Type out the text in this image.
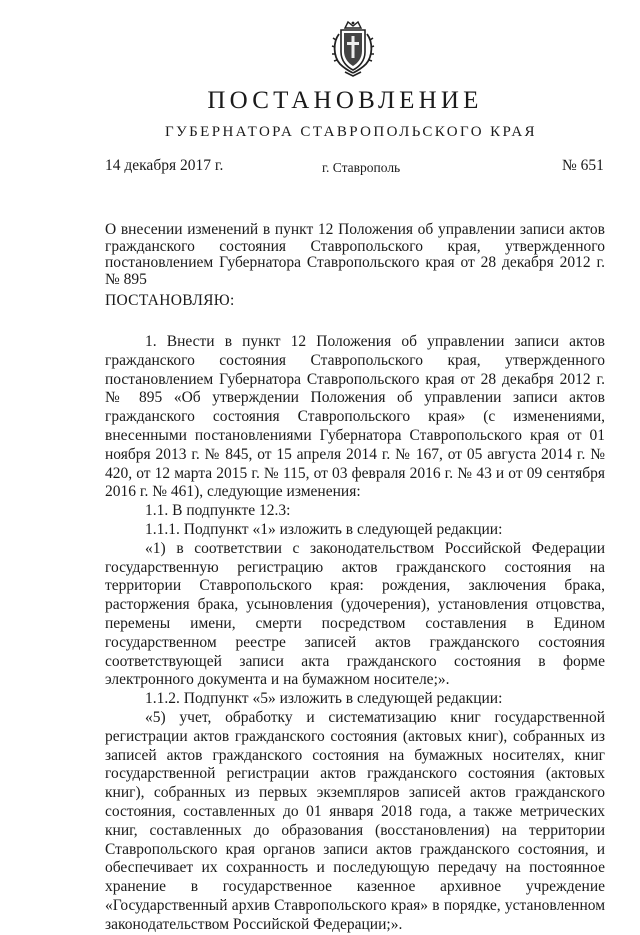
ПОСТАНОВЛЕНИЕ
ГУБЕРНАТОРА СТАВРОПОЛЬСКОГО КРАЯ
14 декабря 2017 г.	г. Ставрополь	№ 651
О внесении изменений в пункт 12 Положения об управлении записи актов гражданского состояния Ставропольского края, утвержденного постановлением Губернатора Ставропольского края от 28 декабря 2012 г. № 895
ПОСТАНОВЛЯЮ:

1. Внести в пункт 12 Положения об управлении записи актов гражданского состояния Ставропольского края, утвержденного постановлением Губернатора Ставропольского края от 28 декабря 2012 г. № 895 «Об утверждении Положения об управлении записи актов гражданского состояния Ставропольского края» (с изменениями, внесенными постановлениями Губернатора Ставропольского края от 01 ноября 2013 г. № 845, от 15 апреля 2014 г. № 167, от 05 августа 2014 г. № 420, от 12 марта 2015 г. № 115, от 03 февраля 2016 г. № 43 и от 09 сентября 2016 г. № 461), следующие изменения:

1.1. В подпункте 12.3:

1.1.1. Подпункт «1» изложить в следующей редакции:

«1) в соответствии с законодательством Российской Федерации государственную регистрацию актов гражданского состояния на территории Ставропольского края: рождения, заключения брака, расторжения брака, усыновления (удочерения), установления отцовства, перемены имени, смерти посредством составления в Едином государственном реестре записей актов гражданского состояния соответствующей записи акта гражданского состояния в форме электронного документа и на бумажном носителе;».

1.1.2. Подпункт «5» изложить в следующей редакции:

«5) учет, обработку и систематизацию книг государственной регистрации актов гражданского состояния (актовых книг), собранных из записей актов гражданского состояния на бумажных носителях, книг государственной регистрации актов гражданского состояния (актовых книг), собранных из первых экземпляров записей актов гражданского состояния, составленных до 01 января 2018 года, а также метрических книг, составленных до образования (восстановления) на территории Ставропольского края органов записи актов гражданского состояния, и обеспечивает их сохранность и последующую передачу на постоянное хранение в государственное казенное архивное учреждение «Государственный архив Ставропольского края» в порядке, установленном законодательством Российской Федерации;».
